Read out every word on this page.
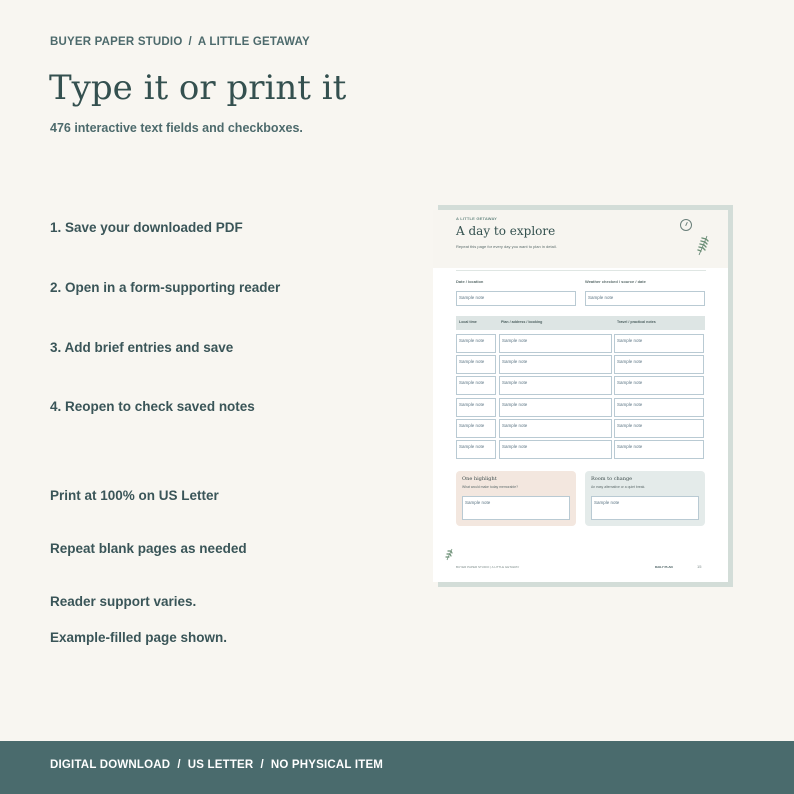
BUYER PAPER STUDIO / A LITTLE GETAWAY
Type it or print it
476 interactive text fields and checkboxes.
1. Save your downloaded PDF
2. Open in a form-supporting reader
3. Add brief entries and save
4. Reopen to check saved notes
Print at 100% on US Letter
Repeat blank pages as needed
Reader support varies.
Example-filled page shown.
A LITTLE GETAWAY
A day to explore
Repeat this page for every day you want to plan in detail.
Date / location	Weather checked / source / date
Sample note	Sample note
Local time	Plan / address / booking	Travel / practical notes
Sample note	Sample note	Sample note
Sample note	Sample note	Sample note
Sample note	Sample note	Sample note
Sample note	Sample note	Sample note
Sample note	Sample note	Sample note
Sample note	Sample note	Sample note
One highlight
What would make today memorable?
Sample note
Room to change
An easy alternative or a quiet break.
Sample note
BUYER PAPER STUDIO | A LITTLE GETAWAY	DAILY PLAN	15
DIGITAL DOWNLOAD / US LETTER / NO PHYSICAL ITEM
